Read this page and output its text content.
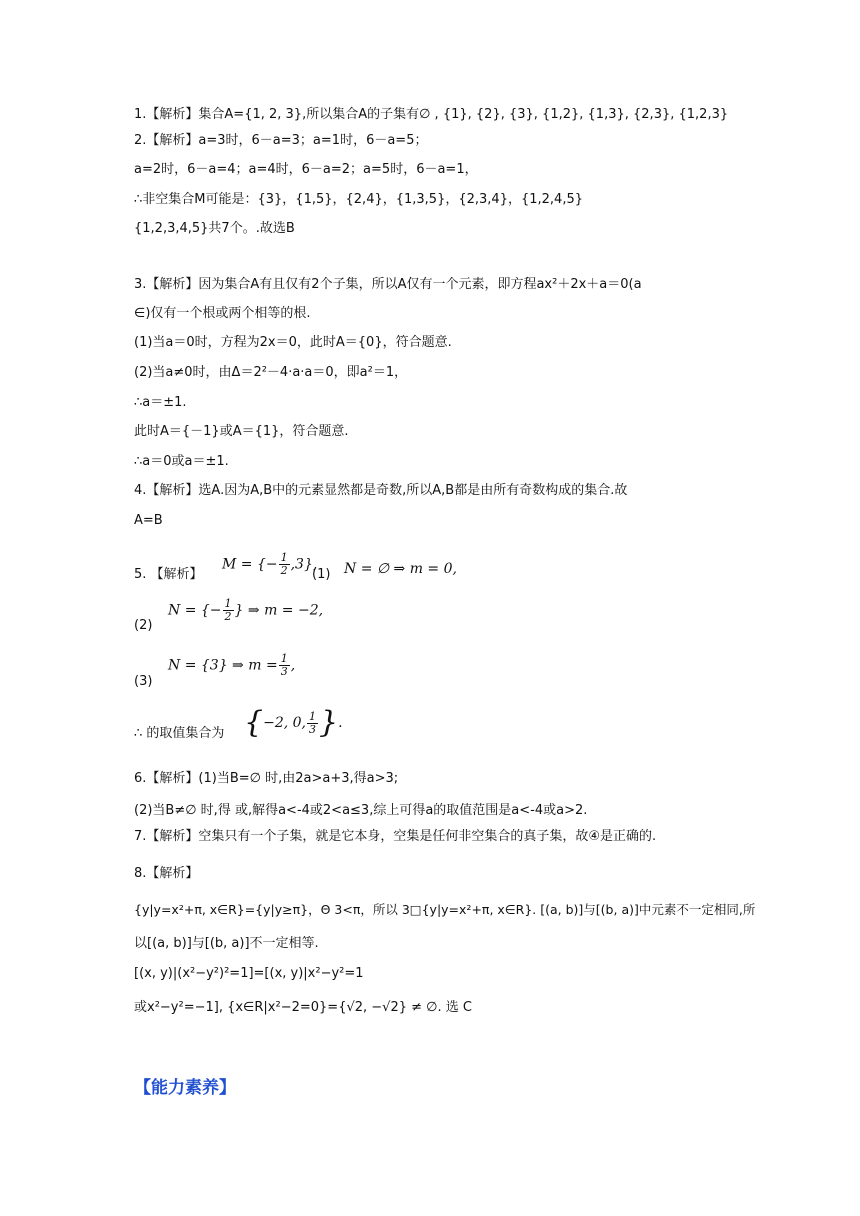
1.【解析】集合A={1, 2, 3},所以集合A的子集有∅ , {1}, {2}, {3}, {1,2}, {1,3}, {2,3}, {1,2,3}
2.【解析】a=3时，6－a=3；a=1时，6－a=5；
a=2时，6－a=4；a=4时，6－a=2；a=5时，6－a=1，
∴非空集合M可能是：{3}，{1,5}，{2,4}，{1,3,5}，{2,3,4}，{1,2,4,5}
{1,2,3,4,5}共7个。.故选B
3.【解析】因为集合A有且仅有2个子集，所以A仅有一个元素，即方程ax²＋2x＋a＝0(a
∈)仅有一个根或两个相等的根.
(1)当a＝0时，方程为2x＝0，此时A＝{0}，符合题意.
(2)当a≠0时，由Δ＝2²－4·a·a＝0，即a²＝1，
∴a＝±1.
此时A＝{－1}或A＝{1}，符合题意.
∴a＝0或a＝±1.
4.【解析】选A.因为A,B中的元素显然都是奇数,所以A,B都是由所有奇数构成的集合.故
A=B
5. 【解析】
M = {− $\frac{1}{2} ,3$},
(1) N = ∅ ⇒ m = 0,
(2)
N = {− $\frac{1}{2}$ } ⇒ m = −2,
(3)
N = {3} ⇒ $m = \frac{1}{3}$ ,
∴ 的取值集合为 {−2, 0, $\frac{1}{3}$ }.
6.【解析】(1)当B=∅ 时,由2a>a+3,得a>3;
(2)当B≠∅ 时,得 或,解得a<-4或2<a≤3,综上可得a的取值范围是a<-4或a>2.
7.【解析】空集只有一个子集，就是它本身，空集是任何非空集合的真子集，故④是正确的.
8.【解析】
{y|y=x²+π, x∈R}={y|y≥π}，Θ 3<π，所以 3□{y|y=x²+π, x∈R}. [(a, b)]与[(b, a)]中元素不一定相同,所
以[(a, b)]与[(b, a)]不一定相等.
[(x, y)|(x²−y²)²=1]=[(x, y)|x²−y²=1
或x²−y²=−1], {x∈R|x²−2=0}={√2, −√2} ≠ ∅. 选 C
【能力素养】
